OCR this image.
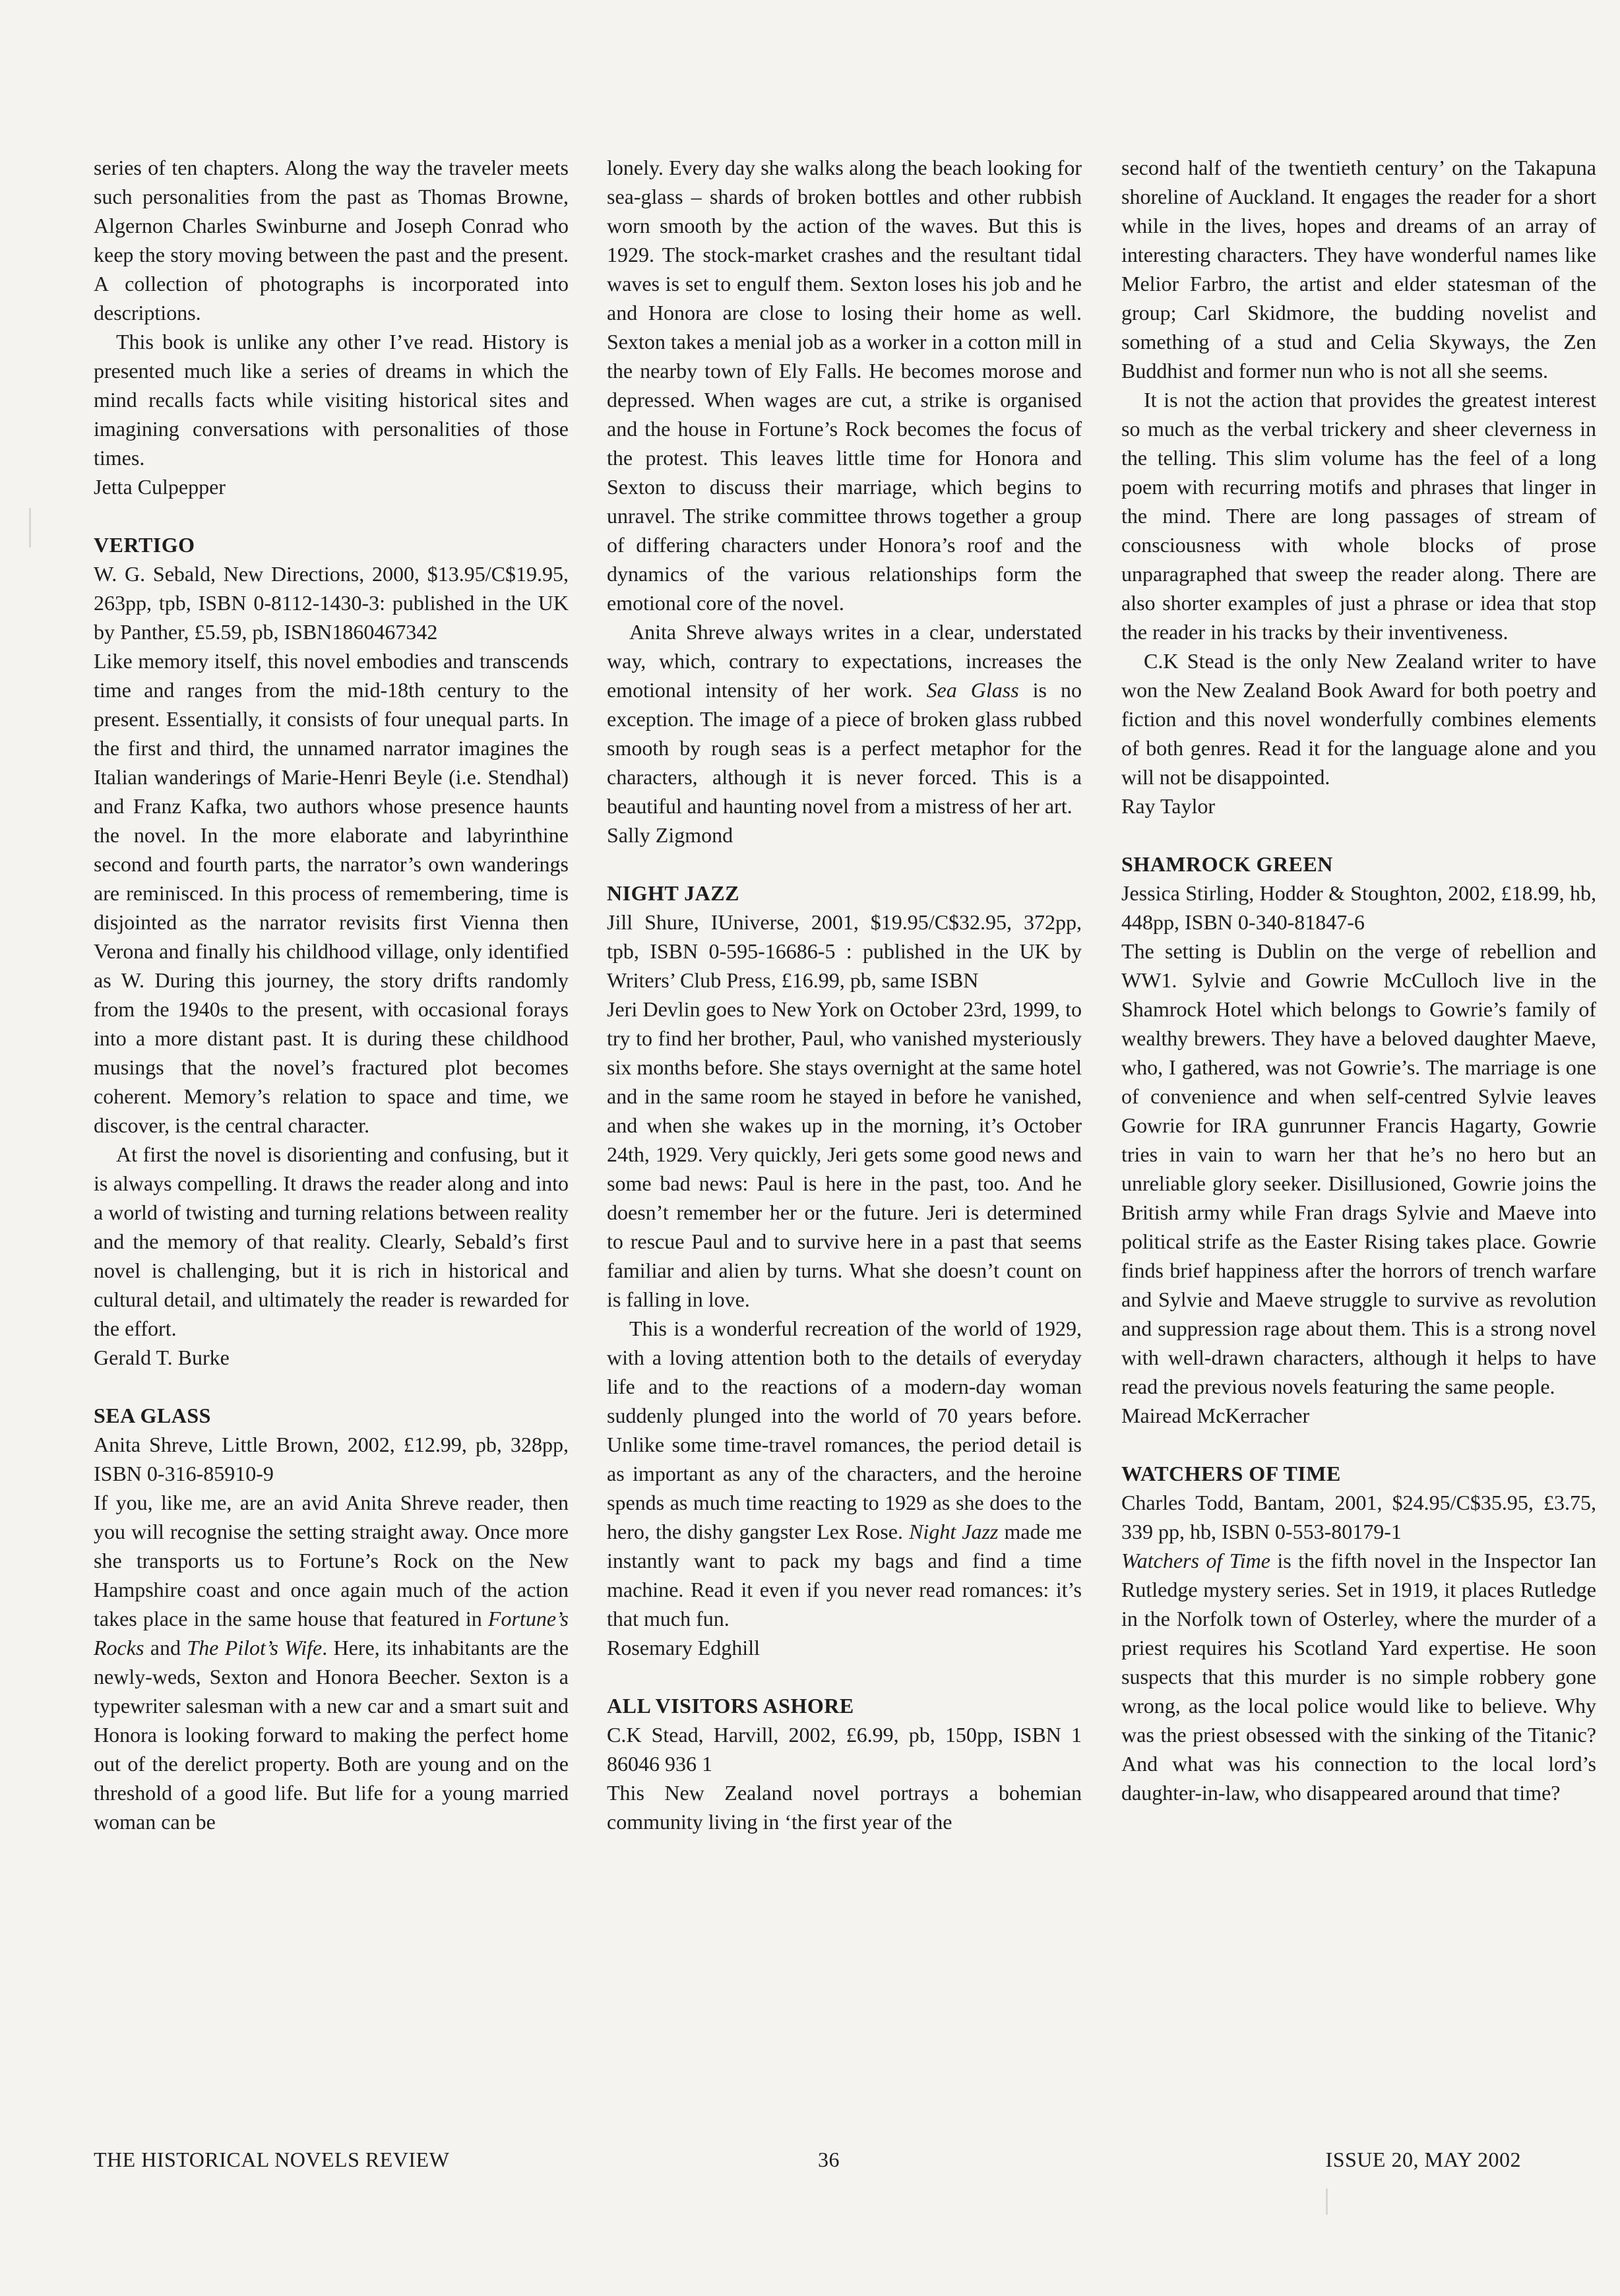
series of ten chapters. Along the way the traveler meets such personalities from the past as Thomas Browne, Algernon Charles Swinburne and Joseph Conrad who keep the story moving between the past and the present. A collection of photographs is incorporated into descriptions.

This book is unlike any other I’ve read. History is presented much like a series of dreams in which the mind recalls facts while visiting historical sites and imagining conversations with personalities of those times.

Jetta Culpepper

VERTIGO

W. G. Sebald, New Directions, 2000, $13.95/C$19.95, 263pp, tpb, ISBN 0-8112-1430-3: published in the UK by Panther, £5.59, pb, ISBN1860467342

Like memory itself, this novel embodies and transcends time and ranges from the mid-18th century to the present. Essentially, it consists of four unequal parts. In the first and third, the unnamed narrator imagines the Italian wanderings of Marie-Henri Beyle (i.e. Stendhal) and Franz Kafka, two authors whose presence haunts the novel. In the more elaborate and labyrinthine second and fourth parts, the narrator’s own wanderings are reminisced. In this process of remembering, time is disjointed as the narrator revisits first Vienna then Verona and finally his childhood village, only identified as W. During this journey, the story drifts randomly from the 1940s to the present, with occasional forays into a more distant past. It is during these childhood musings that the novel’s fractured plot becomes coherent. Memory’s relation to space and time, we discover, is the central character.

At first the novel is disorienting and confusing, but it is always compelling. It draws the reader along and into a world of twisting and turning relations between reality and the memory of that reality. Clearly, Sebald’s first novel is challenging, but it is rich in historical and cultural detail, and ultimately the reader is rewarded for the effort.

Gerald T. Burke

SEA GLASS

Anita Shreve, Little Brown, 2002, £12.99, pb, 328pp, ISBN 0-316-85910-9

If you, like me, are an avid Anita Shreve reader, then you will recognise the setting straight away. Once more she transports us to Fortune’s Rock on the New Hampshire coast and once again much of the action takes place in the same house that featured in Fortune’s Rocks and The Pilot’s Wife. Here, its inhabitants are the newly-weds, Sexton and Honora Beecher. Sexton is a typewriter salesman with a new car and a smart suit and Honora is looking forward to making the perfect home out of the derelict property. Both are young and on the threshold of a good life. But life for a young married woman can be

lonely. Every day she walks along the beach looking for sea-glass – shards of broken bottles and other rubbish worn smooth by the action of the waves. But this is 1929. The stock-market crashes and the resultant tidal waves is set to engulf them. Sexton loses his job and he and Honora are close to losing their home as well. Sexton takes a menial job as a worker in a cotton mill in the nearby town of Ely Falls. He becomes morose and depressed. When wages are cut, a strike is organised and the house in Fortune’s Rock becomes the focus of the protest. This leaves little time for Honora and Sexton to discuss their marriage, which begins to unravel. The strike committee throws together a group of differing characters under Honora’s roof and the dynamics of the various relationships form the emotional core of the novel.

Anita Shreve always writes in a clear, understated way, which, contrary to expectations, increases the emotional intensity of her work. Sea Glass is no exception. The image of a piece of broken glass rubbed smooth by rough seas is a perfect metaphor for the characters, although it is never forced. This is a beautiful and haunting novel from a mistress of her art.

Sally Zigmond

NIGHT JAZZ

Jill Shure, IUniverse, 2001, $19.95/C$32.95, 372pp, tpb, ISBN 0-595-16686-5 : published in the UK by Writers’ Club Press, £16.99, pb, same ISBN

Jeri Devlin goes to New York on October 23rd, 1999, to try to find her brother, Paul, who vanished mysteriously six months before. She stays overnight at the same hotel and in the same room he stayed in before he vanished, and when she wakes up in the morning, it’s October 24th, 1929. Very quickly, Jeri gets some good news and some bad news: Paul is here in the past, too. And he doesn’t remember her or the future. Jeri is determined to rescue Paul and to survive here in a past that seems familiar and alien by turns. What she doesn’t count on is falling in love.

This is a wonderful recreation of the world of 1929, with a loving attention both to the details of everyday life and to the reactions of a modern-day woman suddenly plunged into the world of 70 years before. Unlike some time-travel romances, the period detail is as important as any of the characters, and the heroine spends as much time reacting to 1929 as she does to the hero, the dishy gangster Lex Rose. Night Jazz made me instantly want to pack my bags and find a time machine. Read it even if you never read romances: it’s that much fun.

Rosemary Edghill

ALL VISITORS ASHORE

C.K Stead, Harvill, 2002, £6.99, pb, 150pp, ISBN 1 86046 936 1

This New Zealand novel portrays a bohemian community living in ‘the first year of the

second half of the twentieth century’ on the Takapuna shoreline of Auckland. It engages the reader for a short while in the lives, hopes and dreams of an array of interesting characters. They have wonderful names like Melior Farbro, the artist and elder statesman of the group; Carl Skidmore, the budding novelist and something of a stud and Celia Skyways, the Zen Buddhist and former nun who is not all she seems.

It is not the action that provides the greatest interest so much as the verbal trickery and sheer cleverness in the telling. This slim volume has the feel of a long poem with recurring motifs and phrases that linger in the mind. There are long passages of stream of consciousness with whole blocks of prose unparagraphed that sweep the reader along. There are also shorter examples of just a phrase or idea that stop the reader in his tracks by their inventiveness.

C.K Stead is the only New Zealand writer to have won the New Zealand Book Award for both poetry and fiction and this novel wonderfully combines elements of both genres. Read it for the language alone and you will not be disappointed.

Ray Taylor

SHAMROCK GREEN

Jessica Stirling, Hodder & Stoughton, 2002, £18.99, hb, 448pp, ISBN 0-340-81847-6

The setting is Dublin on the verge of rebellion and WW1. Sylvie and Gowrie McCulloch live in the Shamrock Hotel which belongs to Gowrie’s family of wealthy brewers. They have a beloved daughter Maeve, who, I gathered, was not Gowrie’s. The marriage is one of convenience and when self-centred Sylvie leaves Gowrie for IRA gunrunner Francis Hagarty, Gowrie tries in vain to warn her that he’s no hero but an unreliable glory seeker. Disillusioned, Gowrie joins the British army while Fran drags Sylvie and Maeve into political strife as the Easter Rising takes place. Gowrie finds brief happiness after the horrors of trench warfare and Sylvie and Maeve struggle to survive as revolution and suppression rage about them. This is a strong novel with well-drawn characters, although it helps to have read the previous novels featuring the same people.

Mairead McKerracher

WATCHERS OF TIME

Charles Todd, Bantam, 2001, $24.95/C$35.95, £3.75, 339 pp, hb, ISBN 0-553-80179-1

Watchers of Time is the fifth novel in the Inspector Ian Rutledge mystery series. Set in 1919, it places Rutledge in the Norfolk town of Osterley, where the murder of a priest requires his Scotland Yard expertise. He soon suspects that this murder is no simple robbery gone wrong, as the local police would like to believe. Why was the priest obsessed with the sinking of the Titanic? And what was his connection to the local lord’s daughter-in-law, who disappeared around that time?

THE HISTORICAL NOVELS REVIEW	36	ISSUE 20, MAY 2002
